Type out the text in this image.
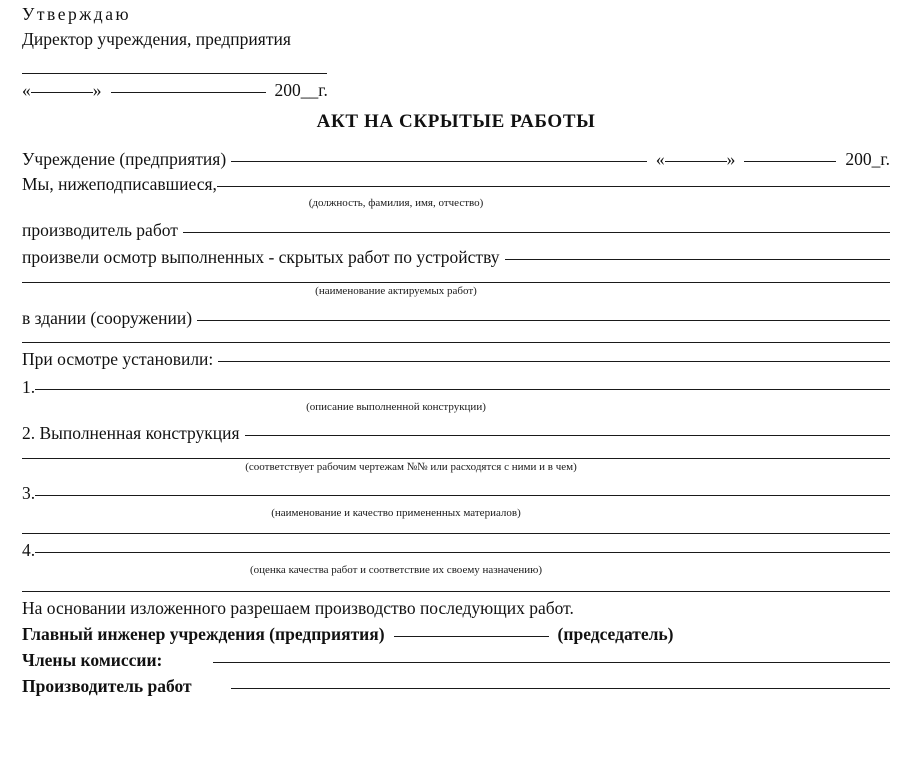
Утверждаю
Директор учреждения, предприятия
«	»	200__г.
АКТ НА СКРЫТЫЕ РАБОТЫ
Учреждение (предприятия)	«	»	200_г.
Мы, нижеподписавшиеся,
(должность, фамилия, имя, отчество)
производитель работ
произвели осмотр выполненных - скрытых работ по устройству
(наименование актируемых работ)
в здании (сооружении)
При осмотре установили:
1.
(описание выполненной конструкции)
2. Выполненная конструкция
(соответствует рабочим чертежам №№ или расходятся с ними и в чем)
3.
(наименование и качество примененных материалов)
4.
(оценка качества работ и соответствие их своему назначению)
На основании изложенного разрешаем производство последующих работ.
Главный инженер учреждения (предприятия)	(председатель)
Члены комиссии:
Производитель работ
